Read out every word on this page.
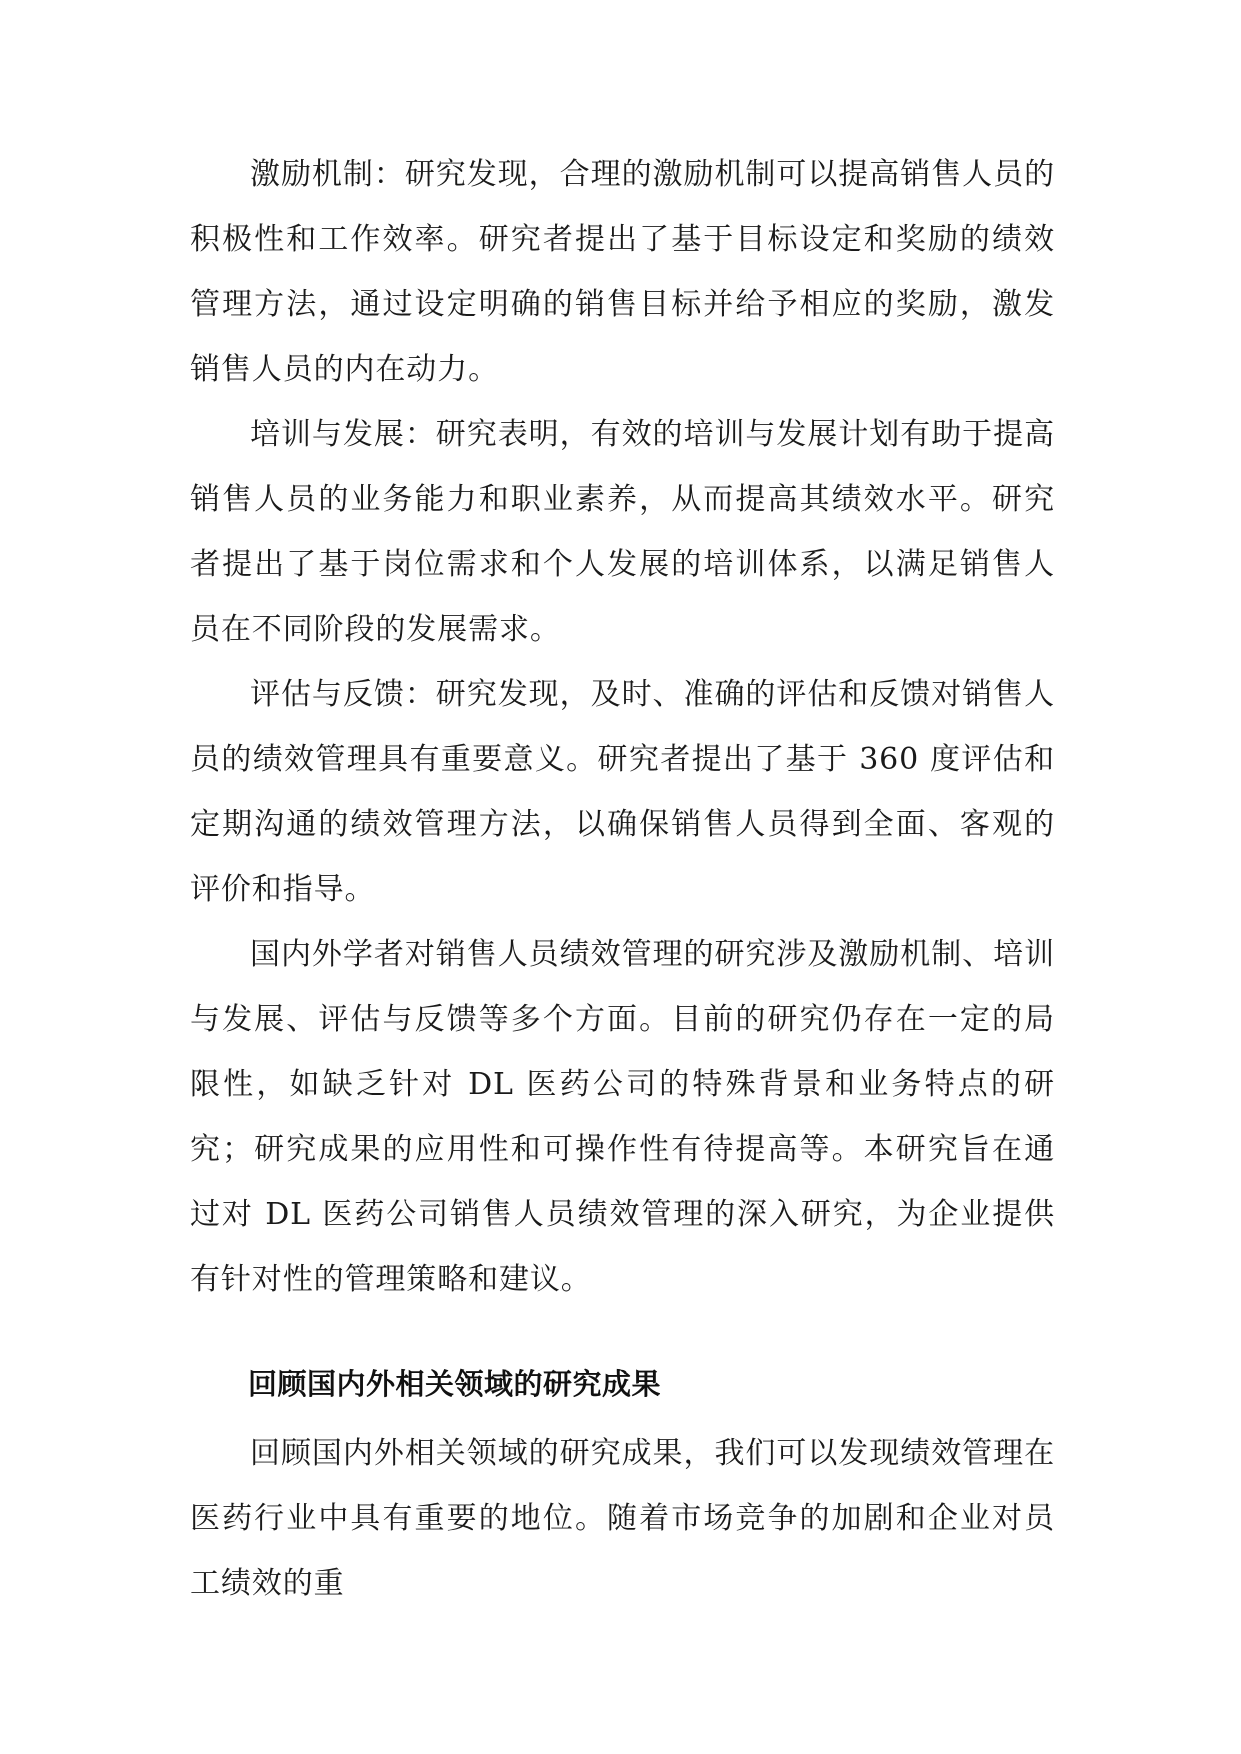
激励机制：研究发现，合理的激励机制可以提高销售人员的积极性和工作效率。研究者提出了基于目标设定和奖励的绩效管理方法，通过设定明确的销售目标并给予相应的奖励，激发销售人员的内在动力。

培训与发展：研究表明，有效的培训与发展计划有助于提高销售人员的业务能力和职业素养，从而提高其绩效水平。研究者提出了基于岗位需求和个人发展的培训体系，以满足销售人员在不同阶段的发展需求。

评估与反馈：研究发现，及时、准确的评估和反馈对销售人员的绩效管理具有重要意义。研究者提出了基于 360 度评估和定期沟通的绩效管理方法，以确保销售人员得到全面、客观的评价和指导。

国内外学者对销售人员绩效管理的研究涉及激励机制、培训与发展、评估与反馈等多个方面。目前的研究仍存在一定的局限性，如缺乏针对 DL 医药公司的特殊背景和业务特点的研究；研究成果的应用性和可操作性有待提高等。本研究旨在通过对 DL 医药公司销售人员绩效管理的深入研究，为企业提供有针对性的管理策略和建议。

回顾国内外相关领域的研究成果

回顾国内外相关领域的研究成果，我们可以发现绩效管理在医药行业中具有重要的地位。随着市场竞争的加剧和企业对员工绩效的重
